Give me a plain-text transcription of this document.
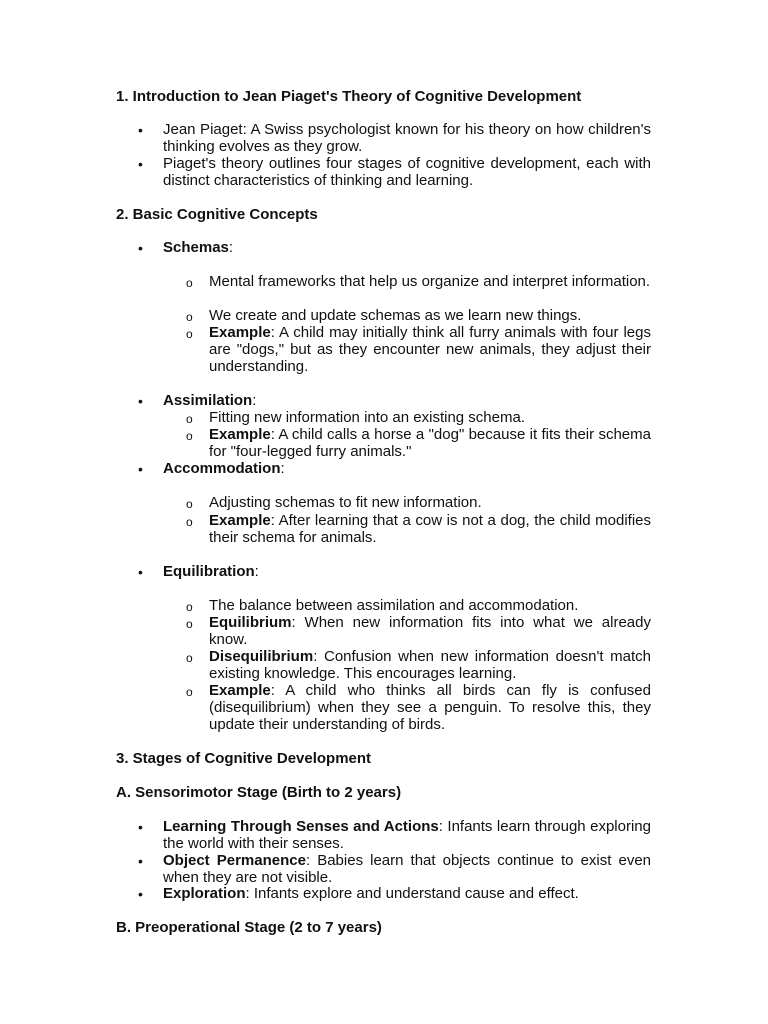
1. Introduction to Jean Piaget's Theory of Cognitive Development

• Jean Piaget: A Swiss psychologist known for his theory on how children's thinking evolves as they grow.

• Piaget's theory outlines four stages of cognitive development, each with distinct characteristics of thinking and learning.

2. Basic Cognitive Concepts

• Schemas:

o Mental frameworks that help us organize and interpret information.

o We create and update schemas as we learn new things.

o Example: A child may initially think all furry animals with four legs are "dogs," but as they encounter new animals, they adjust their understanding.

• Assimilation:

o Fitting new information into an existing schema.

o Example: A child calls a horse a "dog" because it fits their schema for "four-legged furry animals."

• Accommodation:

o Adjusting schemas to fit new information.

o Example: After learning that a cow is not a dog, the child modifies their schema for animals.

• Equilibration:

o The balance between assimilation and accommodation.

o Equilibrium: When new information fits into what we already know.

o Disequilibrium: Confusion when new information doesn't match existing knowledge. This encourages learning.

o Example: A child who thinks all birds can fly is confused (disequilibrium) when they see a penguin. To resolve this, they update their understanding of birds.

3. Stages of Cognitive Development

A. Sensorimotor Stage (Birth to 2 years)

• Learning Through Senses and Actions: Infants learn through exploring the world with their senses.

• Object Permanence: Babies learn that objects continue to exist even when they are not visible.

• Exploration: Infants explore and understand cause and effect.

B. Preoperational Stage (2 to 7 years)
